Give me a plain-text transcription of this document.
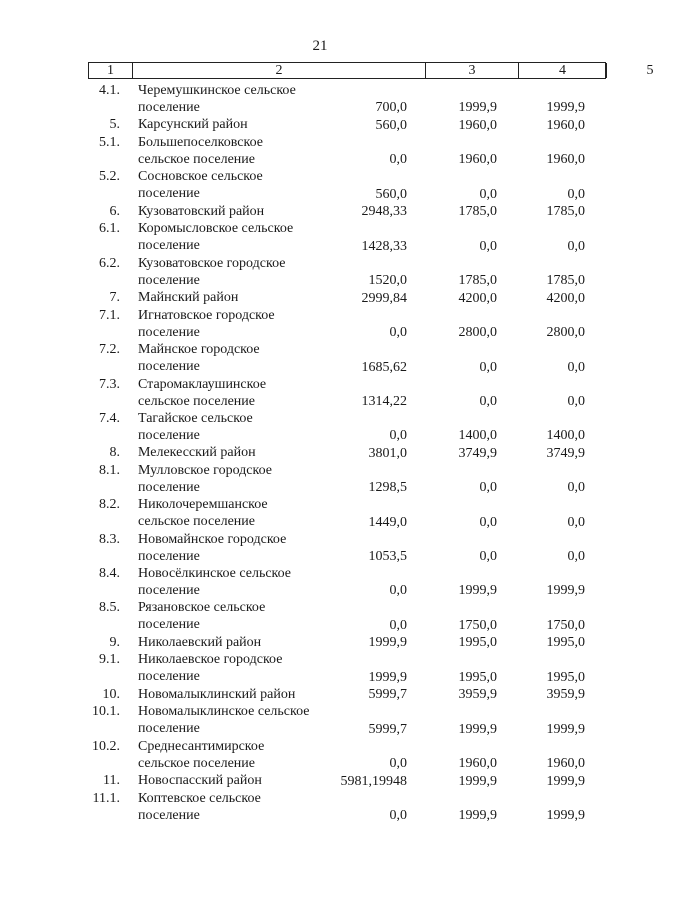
21
1	2	3	4	5
4.1. Черемушкинское сельское
поселение	700,0	1999,9	1999,9
5. Карсунский район	560,0	1960,0	1960,0
5.1. Большепоселковское
сельское поселение	0,0	1960,0	1960,0
5.2. Сосновское сельское
поселение	560,0	0,0	0,0
6. Кузоватовский район	2948,33	1785,0	1785,0
6.1. Коромысловское сельское
поселение	1428,33	0,0	0,0
6.2. Кузоватовское городское
поселение	1520,0	1785,0	1785,0
7. Майнский район	2999,84	4200,0	4200,0
7.1. Игнатовское городское
поселение	0,0	2800,0	2800,0
7.2. Майнское городское
поселение	1685,62	0,0	0,0
7.3. Старомаклаушинское
сельское поселение	1314,22	0,0	0,0
7.4. Тагайское сельское
поселение	0,0	1400,0	1400,0
8. Мелекесский район	3801,0	3749,9	3749,9
8.1. Мулловское городское
поселение	1298,5	0,0	0,0
8.2. Николочеремшанское
сельское поселение	1449,0	0,0	0,0
8.3. Новомайнское городское
поселение	1053,5	0,0	0,0
8.4. Новосёлкинское сельское
поселение	0,0	1999,9	1999,9
8.5. Рязановское сельское
поселение	0,0	1750,0	1750,0
9. Николаевский район	1999,9	1995,0	1995,0
9.1. Николаевское городское
поселение	1999,9	1995,0	1995,0
10. Новомалыклинский район	5999,7	3959,9	3959,9
10.1. Новомалыклинское сельское
поселение	5999,7	1999,9	1999,9
10.2. Среднесантимирское
сельское поселение	0,0	1960,0	1960,0
11. Новоспасский район	5981,19948	1999,9	1999,9
11.1. Коптевское сельское
поселение	0,0	1999,9	1999,9
